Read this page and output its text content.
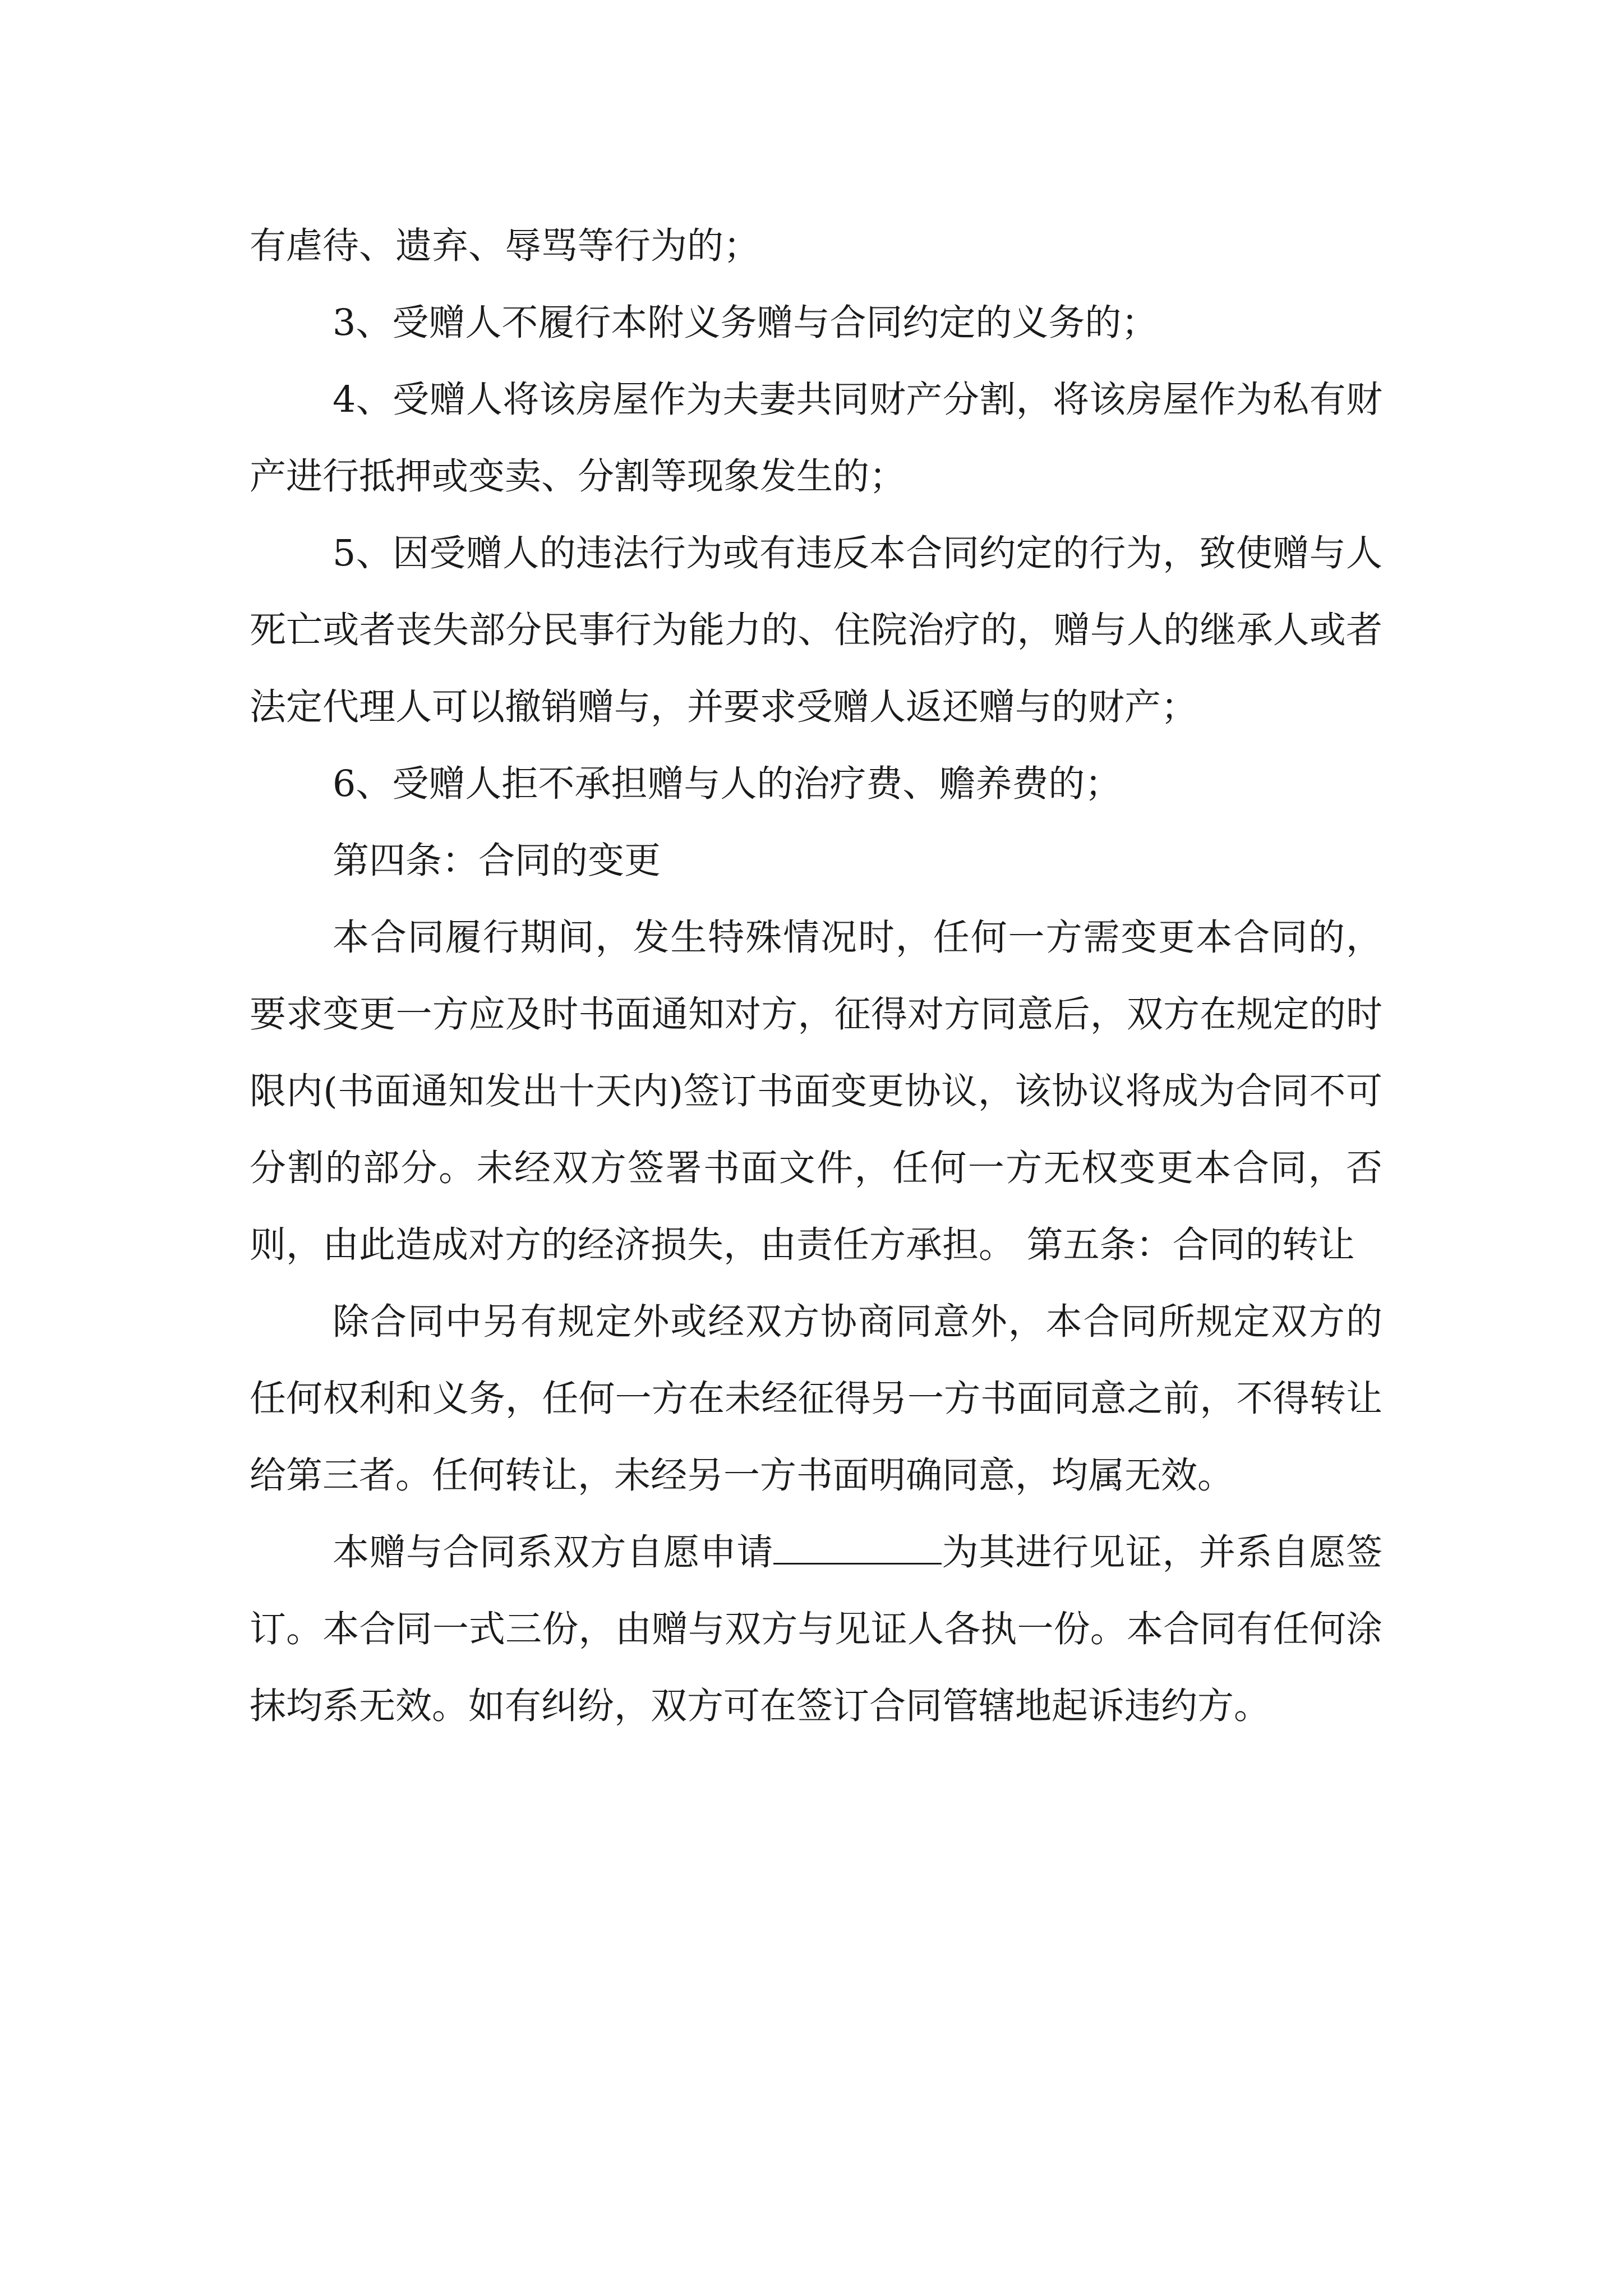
有虐待、遗弃、辱骂等行为的；

3、受赠人不履行本附义务赠与合同约定的义务的；

4、受赠人将该房屋作为夫妻共同财产分割，将该房屋作为私有财产进行抵押或变卖、分割等现象发生的；

5、因受赠人的违法行为或有违反本合同约定的行为，致使赠与人死亡或者丧失部分民事行为能力的、住院治疗的，赠与人的继承人或者法定代理人可以撤销赠与，并要求受赠人返还赠与的财产；

6、受赠人拒不承担赠与人的治疗费、赡养费的；

第四条：合同的变更

本合同履行期间，发生特殊情况时，任何一方需变更本合同的，要求变更一方应及时书面通知对方，征得对方同意后，双方在规定的时限内(书面通知发出十天内)签订书面变更协议，该协议将成为合同不可分割的部分。未经双方签署书面文件，任何一方无权变更本合同，否则，由此造成对方的经济损失，由责任方承担。 第五条：合同的转让

除合同中另有规定外或经双方协商同意外，本合同所规定双方的任何权利和义务，任何一方在未经征得另一方书面同意之前，不得转让给第三者。任何转让，未经另一方书面明确同意，均属无效。

本赠与合同系双方自愿申请	为其进行见证，并系自愿签订。本合同一式三份，由赠与双方与见证人各执一份。本合同有任何涂抹均系无效。如有纠纷，双方可在签订合同管辖地起诉违约方。
